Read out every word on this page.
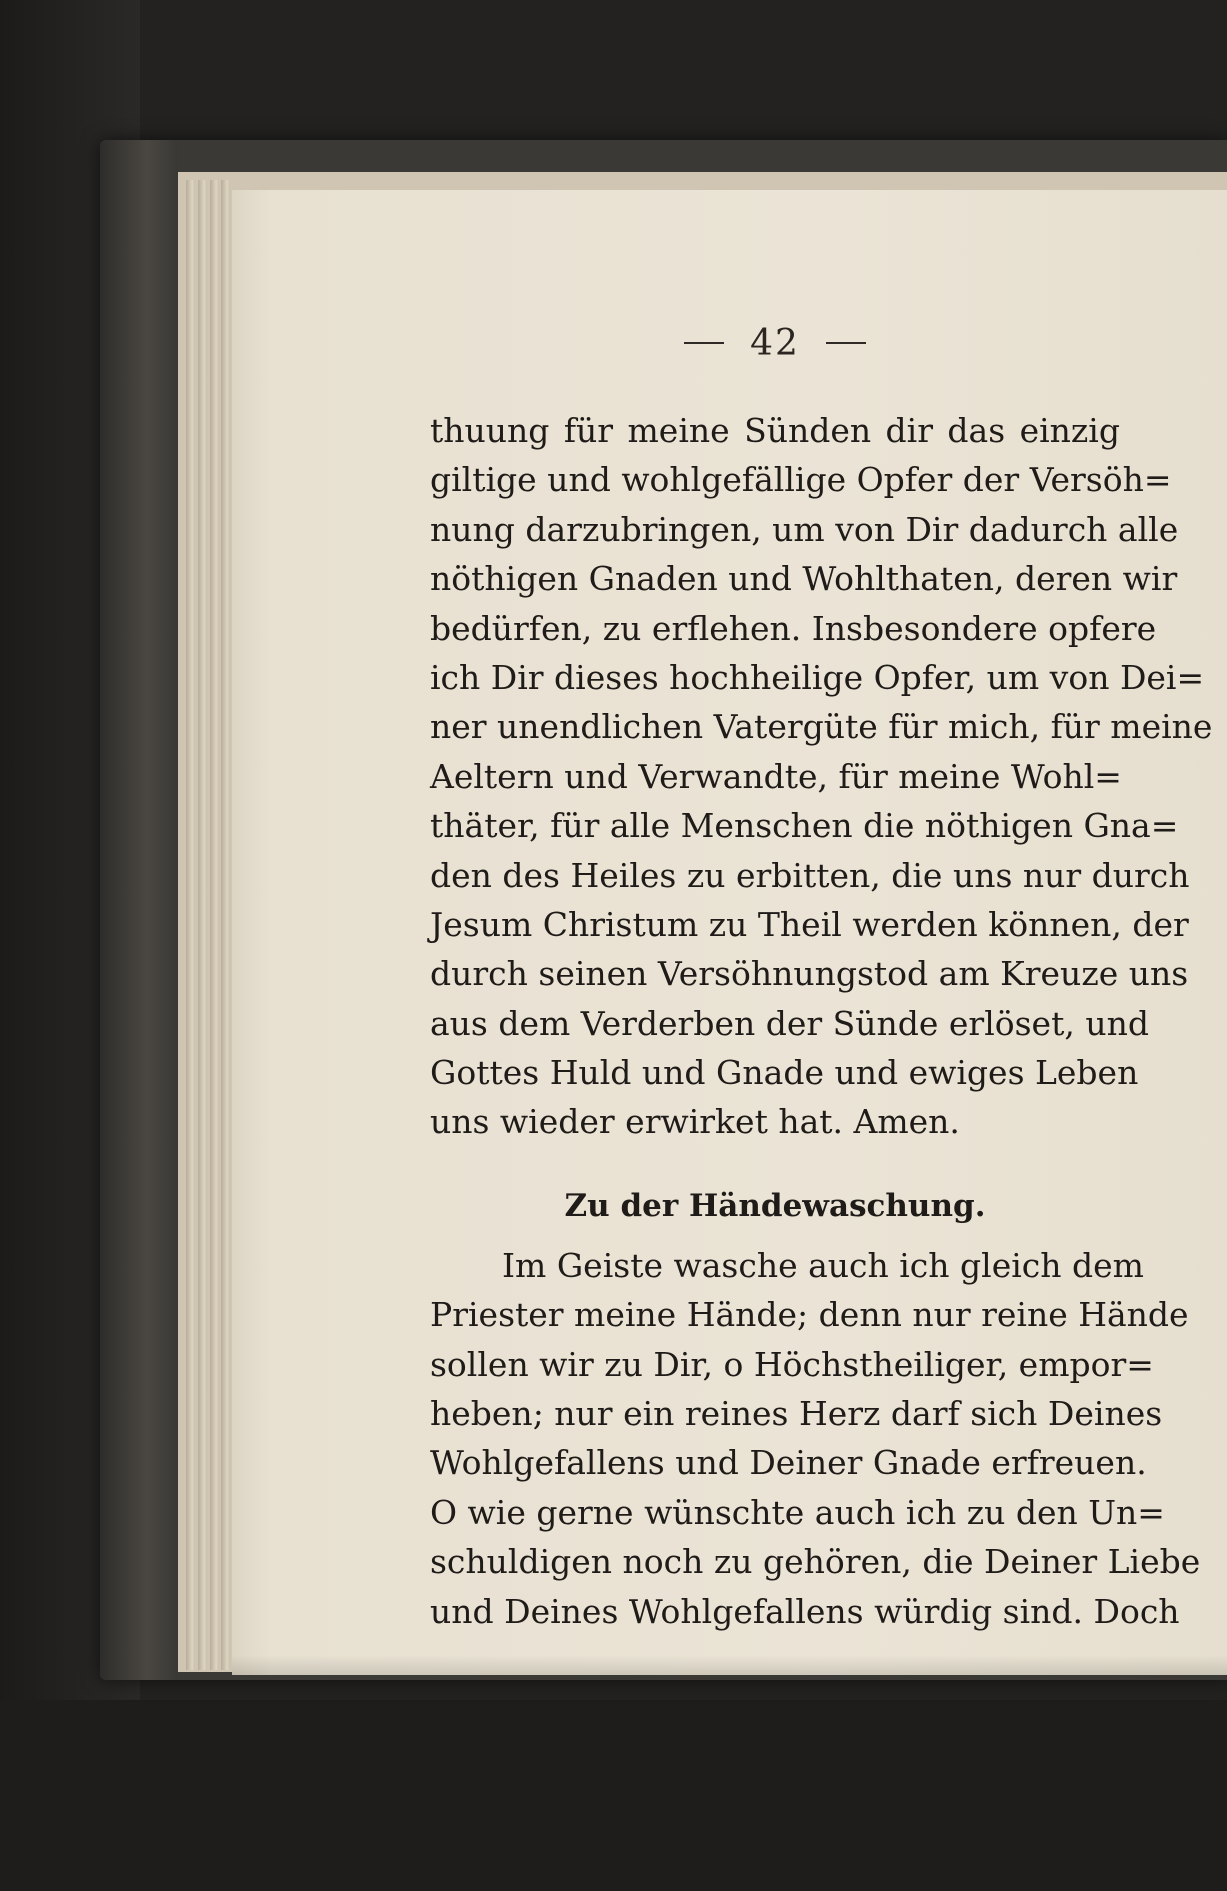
42
thuung für meine Sünden dir das einzig
giltige und wohlgefällige Opfer der Versöh=
nung darzubringen, um von Dir dadurch alle
nöthigen Gnaden und Wohlthaten, deren wir
bedürfen, zu erflehen. Insbesondere opfere
ich Dir dieses hochheilige Opfer, um von Dei=
ner unendlichen Vatergüte für mich, für meine
Aeltern und Verwandte, für meine Wohl=
thäter, für alle Menschen die nöthigen Gna=
den des Heiles zu erbitten, die uns nur durch
Jesum Christum zu Theil werden können, der
durch seinen Versöhnungstod am Kreuze uns
aus dem Verderben der Sünde erlöset, und
Gottes Huld und Gnade und ewiges Leben
uns wieder erwirket hat. Amen.
Zu der Händewaschung.
Im Geiste wasche auch ich gleich dem
Priester meine Hände; denn nur reine Hände
sollen wir zu Dir, o Höchstheiliger, empor=
heben; nur ein reines Herz darf sich Deines
Wohlgefallens und Deiner Gnade erfreuen.
O wie gerne wünschte auch ich zu den Un=
schuldigen noch zu gehören, die Deiner Liebe
und Deines Wohlgefallens würdig sind. Doch
